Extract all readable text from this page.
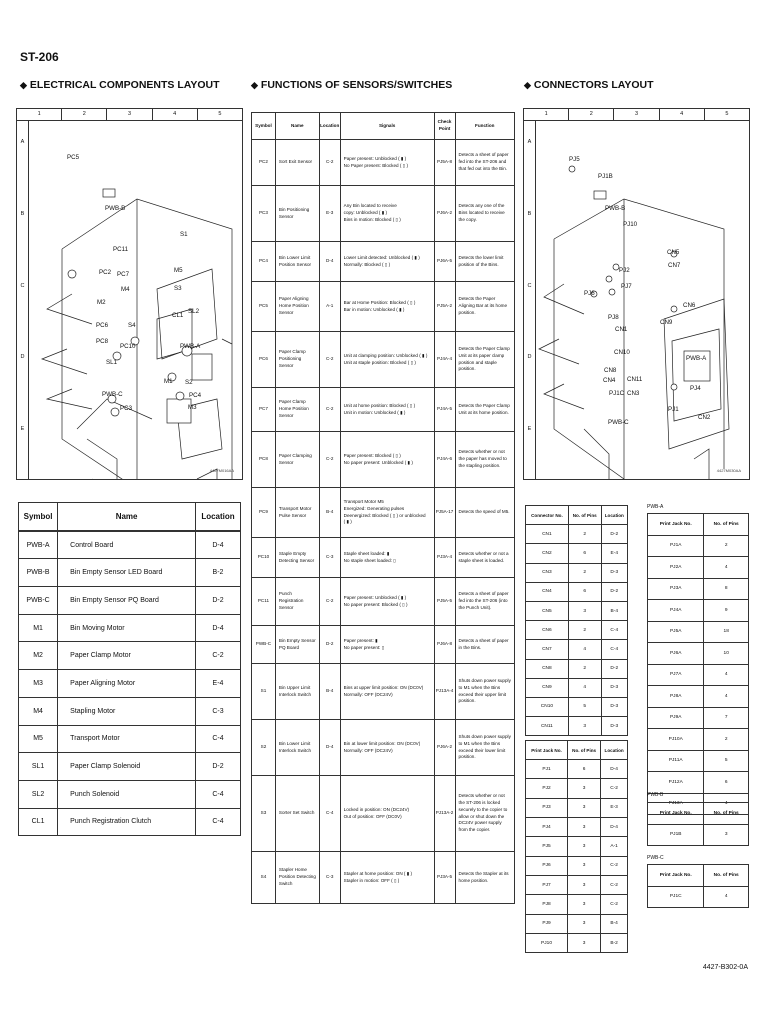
ST-206
◆ ELECTRICAL COMPONENTS LAYOUT	◆ FUNCTIONS OF SENSORS/SWITCHES	◆ CONNECTORS LAYOUT
1	2	3	4	5
A
B
C
D
E
PC5
PWB-B
PC11
S1
PC2 PC7
M5
M4	S3
M2
SL2
PC6
CL1
S4
PC8
PC10	PWB-A
SL1
M1 S2
PWB-C	PC4
PC3	M3
4427M016AA
Symbol	Name	Location
PWB-A	Control Board	D-4
PWB-B	Bin Empty Sensor LED Board	B-2
PWB-C	Bin Empty Sensor PQ Board	D-2
M1	Bin Moving Motor	D-4
M2	Paper Clamp Motor	C-2
M3	Paper Aligning Motor	E-4
M4	Stapling Motor	C-3
M5	Transport Motor	C-4
SL1	Paper Clamp Solenoid	D-2
SL2	Punch Solenoid	C-4
CL1	Punch Registration Clutch	C-4
Symbol	Name	Location	Signals	Check Point	Function
PC2	Sort Exit Sensor	C-2	Paper present: Unblocked ( ▮ )
No Paper present: Blocked ( ▯ )	PJ5A-8	Detects a sheet of paper fed into the ST-206 and that fed out into the Bin.
PC3	Bin Positioning Sensor	E-3	Any Bin located to receive
copy: Unblocked ( ▮ )
Bins in motion: Blocked ( ▯ )	PJ6A-2	Detects any one of the Bins located to receive the copy.
PC4	Bin Lower Limit Position Sensor	D-4	Lower Limit detected: Unblocked ( ▮ )
Normally: Blocked ( ▯ )	PJ6A-5	Detects the lower limit position of the Bins.
PC5	Paper Aligning Home Position Sensor	A-1	Bar at Home Position: Blocked ( ▯ )
Bar in motion: Unblocked ( ▮ )	PJ5A-2	Detects the Paper Aligning Bar at its home position.
PC6	Paper Clamp Positioning Sensor	C-2	Unit at clamping position: Unblocked ( ▮ )
Unit at staple position: Blocked ( ▯ )	PJ4A-4	Detects the Paper Clamp Unit at its paper clamp position and staple position.
PC7	Paper Clamp Home Position Sensor	C-2	Unit at home position: Blocked ( ▯ )
Unit in motion: Unblocked ( ▮ )	PJ4A-5	Detects the Paper Clamp Unit at its home position.
PC8	Paper Clamping Sensor	C-2	Paper present: Blocked ( ▯ )
No paper present: Unblocked ( ▮ )	PJ4A-6	Detects whether or not the paper has moved to the stapling position.
PC9	Transport Motor Pulse Sensor	B-4	Transport Motor M5
Energized: Generating pulses
Deenergized: Blocked ( ▯ ) or unblocked
( ▮ )	PJ5A-17	Detects the speed of M5.
PC10	Staple Empty Detecting Sensor	C-3	Staple sheet loaded: ▮
No staple sheet loaded: ▯	PJ3A-4	Detects whether or not a staple sheet is loaded.
PC11	Punch Registration Sensor	C-2	Paper present: Unblocked ( ▮ )
No paper present: Blocked ( ▯ )	PJ5A-5	Detects a sheet of paper fed into the ST-206 (into the Punch Unit).
PWB-C	Bin Empty Sensor PQ Board	D-2	Paper present: ▮
No paper present: ▯	PJ6A-8	Detects a sheet of paper in the Bins.
S1	Bin Upper Limit Interlock Switch	B-4	Bins at upper limit position: ON (DC0V)
Normally: OFF (DC24V)	PJ13A-4	Shuts down power supply to M1 when the Bins exceed their upper limit position.
S2	Bin Lower Limit Interlock Switch	D-4	Bin at lower limit position: ON (DC0V)
Normally: OFF (DC24V)	PJ6A-2	Shuts down power supply to M1 when the Bins exceed their lower limit position.
S3	Sorter Set Switch	C-4	Locked in position: ON (DC24V)
Out of position: OFF (DC0V)	PJ13A-2	Detects whether or not the ST-206 is locked securely to the copier to allow or shut down the DC24V power supply from the copier.
S4	Stapler Home Position Detecting Switch	C-3	Stapler at home position: ON ( ▮ )
Stapler in motion: OFF ( ▯ )	PJ3A-5	Detects the Stapler at its home position.
1	2	3	4	5
A
B
C
D
E
PJ5
PJ1B
PWB-B
PJ10
CN5
PJ2
CN7
PJ6
PJ7
CN6
PJ8
CN9
CN1
CN10
PWB-A
CN8
CN4 CN11
PJ1C CN3
PJ4
PWB-C
PJ1
CN2
4427M030AA
Connector No.	No. of Pins	Location
CN1	2	D-2
CN2	6	E-4
CN3	2	D-3
CN4	6	D-2
CN5	3	B-4
CN6	2	C-4
CN7	4	C-4
CN8	2	D-2
CN9	4	D-3
CN10	5	D-3
CN11	3	D-3
Print Jack No.	No. of Pins	Location
PJ1	6	D-4
PJ2	3	C-2
PJ3	3	E-3
PJ4	3	D-4
PJ5	3	A-1
PJ6	3	C-2
PJ7	3	C-2
PJ8	3	C-2
PJ9	3	B-4
PJ10	3	B-2
PWB-A
Print Jack No.	No. of Pins
PJ1A	2
PJ2A	4
PJ3A	8
PJ4A	9
PJ5A	18
PJ6A	10
PJ7A	4
PJ8A	4
PJ9A	7
PJ10A	2
PJ11A	5
PJ12A	6
PJ13A	4
PWB-B
Print Jack No.	No. of Pins
PJ1B	3
PWB-C
Print Jack No.	No. of Pins
PJ1C	4
4427-B302-0A
